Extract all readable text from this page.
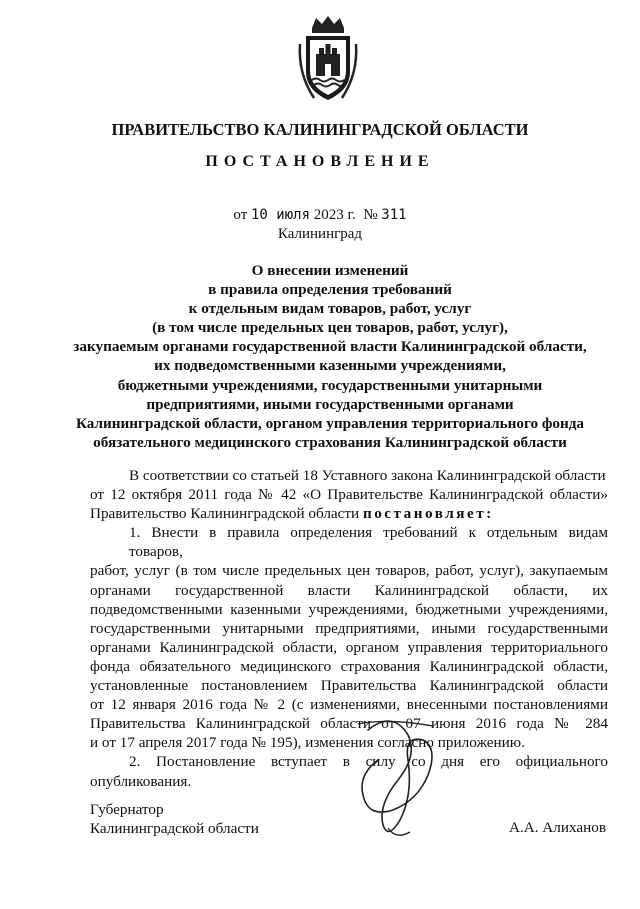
ПРАВИТЕЛЬСТВО КАЛИНИНГРАДСКОЙ ОБЛАСТИ
ПОСТАНОВЛЕНИЕ
от 10 июля 2023 г. № 311
Калининград
О внесении изменений
в правила определения требований
к отдельным видам товаров, работ, услуг
(в том числе предельных цен товаров, работ, услуг),
закупаемым органами государственной власти Калининградской области,
их подведомственными казенными учреждениями,
бюджетными учреждениями, государственными унитарными
предприятиями, иными государственными органами
Калининградской области, органом управления территориального фонда
обязательного медицинского страхования Калининградской области
В соответствии со статьей 18 Уставного закона Калининградской области
от 12 октября 2011 года № 42 «О Правительстве Калининградской области»
Правительство Калининградской области постановляет:
1. Внести в правила определения требований к отдельным видам товаров,
работ, услуг (в том числе предельных цен товаров, работ, услуг), закупаемым
органами государственной власти Калининградской области, их
подведомственными казенными учреждениями, бюджетными учреждениями,
государственными унитарными предприятиями, иными государственными
органами Калининградской области, органом управления территориального
фонда обязательного медицинского страхования Калининградской области,
установленные постановлением Правительства Калининградской области
от 12 января 2016 года № 2 (с изменениями, внесенными постановлениями
Правительства Калининградской области от 07 июня 2016 года № 284
и от 17 апреля 2017 года № 195), изменения согласно приложению.
2. Постановление вступает в силу со дня его официального
опубликования.
Губернатор
Калининградской области	А.А. Алиханов
